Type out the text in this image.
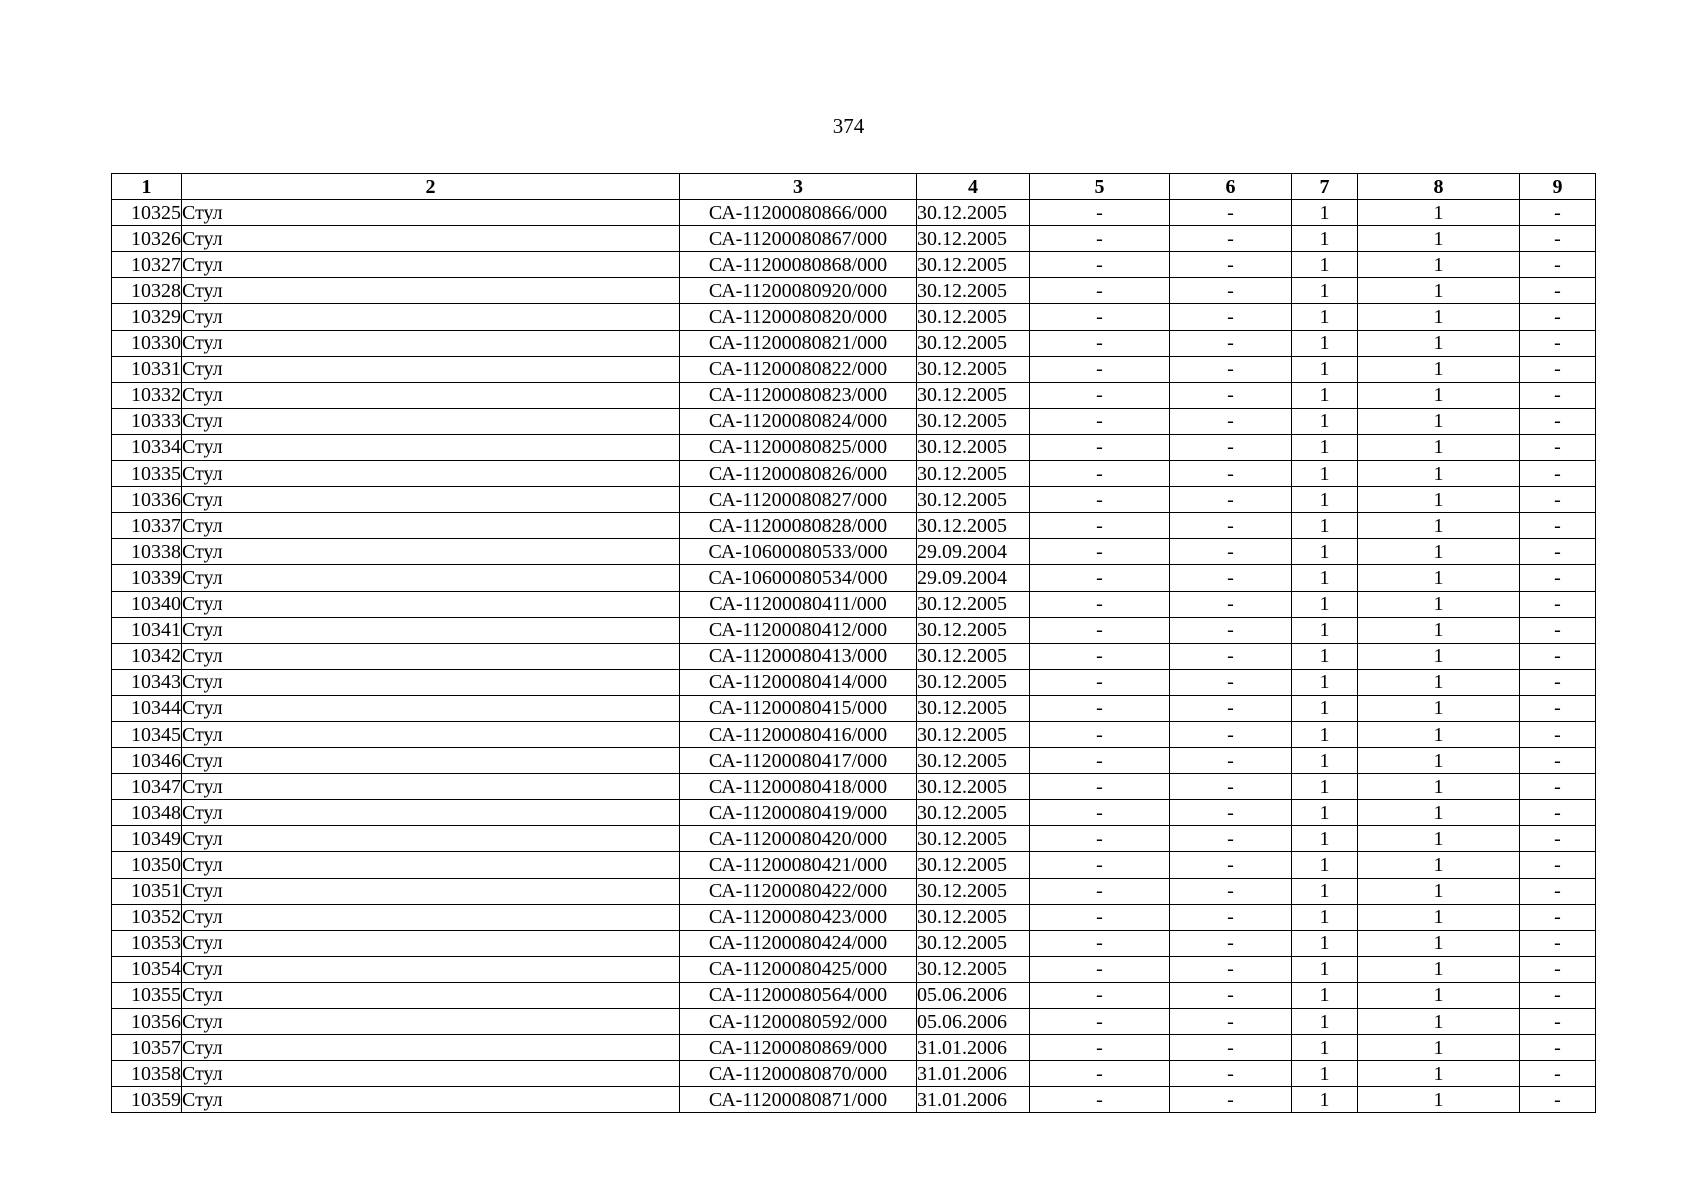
374
1	2	3	4	5	6	7	8	9
10325	Стул	СА-11200080866/000	30.12.2005	-	-	1	1	-
10326	Стул	СА-11200080867/000	30.12.2005	-	-	1	1	-
10327	Стул	СА-11200080868/000	30.12.2005	-	-	1	1	-
10328	Стул	СА-11200080920/000	30.12.2005	-	-	1	1	-
10329	Стул	СА-11200080820/000	30.12.2005	-	-	1	1	-
10330	Стул	СА-11200080821/000	30.12.2005	-	-	1	1	-
10331	Стул	СА-11200080822/000	30.12.2005	-	-	1	1	-
10332	Стул	СА-11200080823/000	30.12.2005	-	-	1	1	-
10333	Стул	СА-11200080824/000	30.12.2005	-	-	1	1	-
10334	Стул	СА-11200080825/000	30.12.2005	-	-	1	1	-
10335	Стул	СА-11200080826/000	30.12.2005	-	-	1	1	-
10336	Стул	СА-11200080827/000	30.12.2005	-	-	1	1	-
10337	Стул	СА-11200080828/000	30.12.2005	-	-	1	1	-
10338	Стул	СА-10600080533/000	29.09.2004	-	-	1	1	-
10339	Стул	СА-10600080534/000	29.09.2004	-	-	1	1	-
10340	Стул	СА-11200080411/000	30.12.2005	-	-	1	1	-
10341	Стул	СА-11200080412/000	30.12.2005	-	-	1	1	-
10342	Стул	СА-11200080413/000	30.12.2005	-	-	1	1	-
10343	Стул	СА-11200080414/000	30.12.2005	-	-	1	1	-
10344	Стул	СА-11200080415/000	30.12.2005	-	-	1	1	-
10345	Стул	СА-11200080416/000	30.12.2005	-	-	1	1	-
10346	Стул	СА-11200080417/000	30.12.2005	-	-	1	1	-
10347	Стул	СА-11200080418/000	30.12.2005	-	-	1	1	-
10348	Стул	СА-11200080419/000	30.12.2005	-	-	1	1	-
10349	Стул	СА-11200080420/000	30.12.2005	-	-	1	1	-
10350	Стул	СА-11200080421/000	30.12.2005	-	-	1	1	-
10351	Стул	СА-11200080422/000	30.12.2005	-	-	1	1	-
10352	Стул	СА-11200080423/000	30.12.2005	-	-	1	1	-
10353	Стул	СА-11200080424/000	30.12.2005	-	-	1	1	-
10354	Стул	СА-11200080425/000	30.12.2005	-	-	1	1	-
10355	Стул	СА-11200080564/000	05.06.2006	-	-	1	1	-
10356	Стул	СА-11200080592/000	05.06.2006	-	-	1	1	-
10357	Стул	СА-11200080869/000	31.01.2006	-	-	1	1	-
10358	Стул	СА-11200080870/000	31.01.2006	-	-	1	1	-
10359	Стул	СА-11200080871/000	31.01.2006	-	-	1	1	-
